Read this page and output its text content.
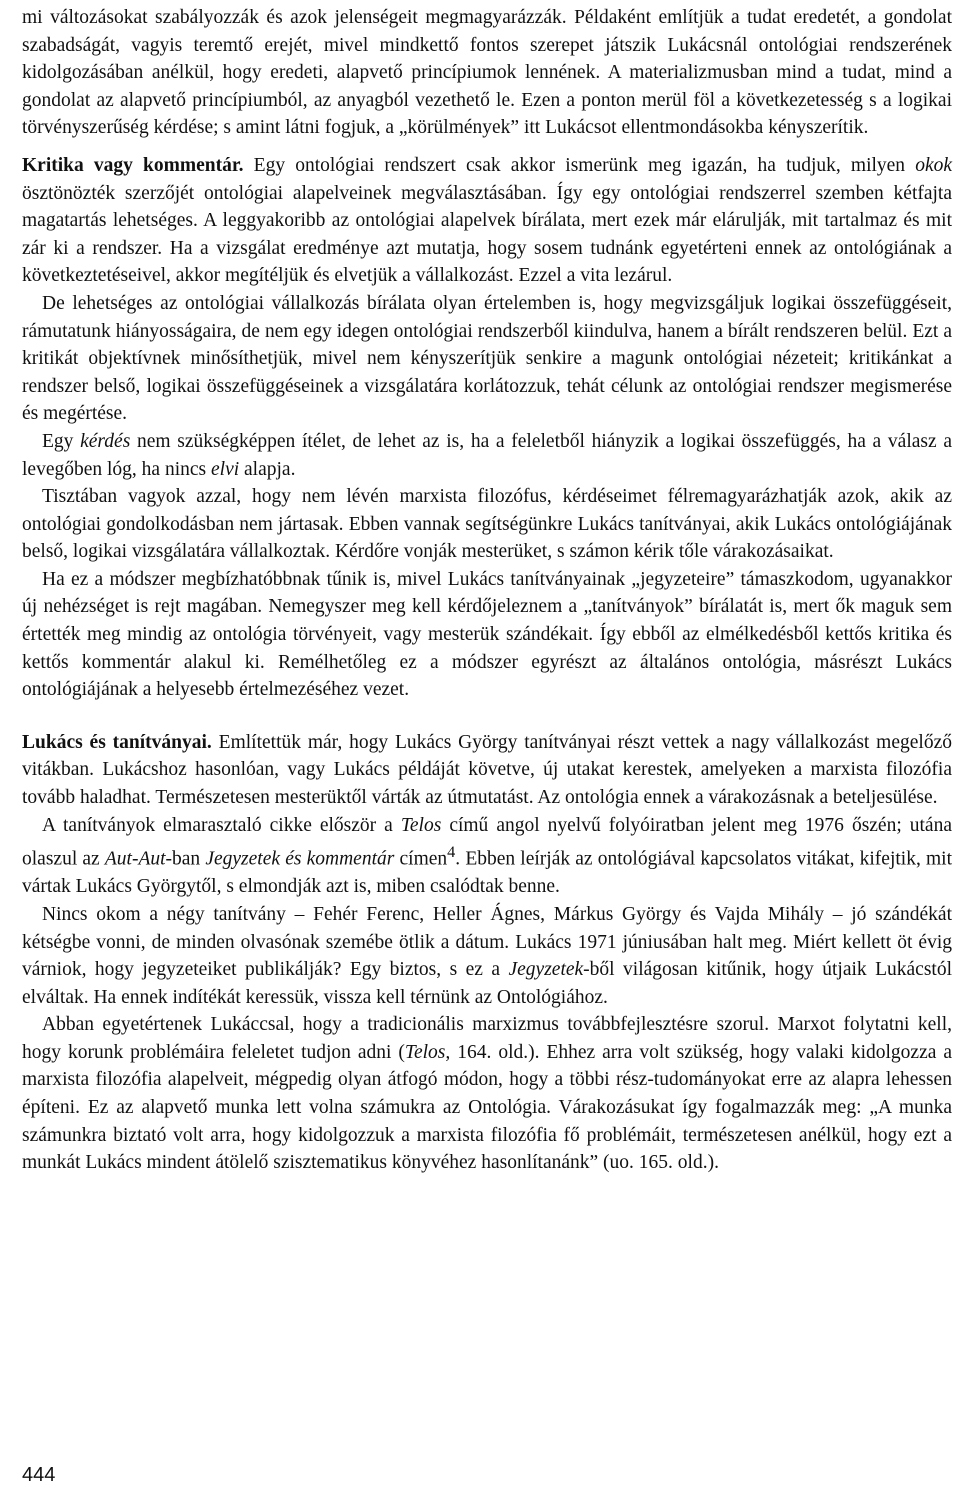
mi változásokat szabályozzák és azok jelenségeit megmagyarázzák. Példaként említjük a tudat eredetét, a gondolat szabadságát, vagyis teremtő erejét, mivel mindkettő fontos szerepet játszik Lukácsnál ontológiai rendszerének kidolgozásában anélkül, hogy eredeti, alapvető princípiumok lennének. A materializmusban mind a tudat, mind a gondolat az alapvető princípiumból, az anyagból vezethető le. Ezen a ponton merül föl a következetesség s a logikai törvényszerűség kérdése; s amint látni fogjuk, a „körülmények” itt Lukácsot ellentmondásokba kényszerítik.

Kritika vagy kommentár. Egy ontológiai rendszert csak akkor ismerünk meg igazán, ha tudjuk, milyen okok ösztönözték szerzőjét ontológiai alapelveinek megválasztásában. Így egy ontológiai rendszerrel szemben kétfajta magatartás lehetséges. A leggyakoribb az ontológiai alapelvek bírálata, mert ezek már elárulják, mit tartalmaz és mit zár ki a rendszer. Ha a vizsgálat eredménye azt mutatja, hogy sosem tudnánk egyetérteni ennek az ontológiának a következtetéseivel, akkor megítéljük és elvetjük a vállalkozást. Ezzel a vita lezárul.

De lehetséges az ontológiai vállalkozás bírálata olyan értelemben is, hogy megvizsgáljuk logikai összefüggéseit, rámutatunk hiányosságaira, de nem egy idegen ontológiai rendszerből kiindulva, hanem a bírált rendszeren belül. Ezt a kritikát objektívnek minősíthetjük, mivel nem kényszerítjük senkire a magunk ontológiai nézeteit; kritikánkat a rendszer belső, logikai összefüggéseinek a vizsgálatára korlátozzuk, tehát célunk az ontológiai rendszer megismerése és megértése.

Egy kérdés nem szükségképpen ítélet, de lehet az is, ha a feleletből hiányzik a logikai összefüggés, ha a válasz a levegőben lóg, ha nincs elvi alapja.

Tisztában vagyok azzal, hogy nem lévén marxista filozófus, kérdéseimet félremagyarázhatják azok, akik az ontológiai gondolkodásban nem jártasak. Ebben vannak segítségünkre Lukács tanítványai, akik Lukács ontológiájának belső, logikai vizsgálatára vállalkoztak. Kérdőre vonják mesterüket, s számon kérik tőle várakozásaikat.

Ha ez a módszer megbízhatóbbnak tűnik is, mivel Lukács tanítványainak „jegyzeteire” támaszkodom, ugyanakkor új nehézséget is rejt magában. Nemegyszer meg kell kérdőjeleznem a „tanítványok” bírálatát is, mert ők maguk sem értették meg mindig az ontológia törvényeit, vagy mesterük szándékait. Így ebből az elmélkedésből kettős kritika és kettős kommentár alakul ki. Remélhetőleg ez a módszer egyrészt az általános ontológia, másrészt Lukács ontológiájának a helyesebb értelmezéséhez vezet.

Lukács és tanítványai. Említettük már, hogy Lukács György tanítványai részt vettek a nagy vállalkozást megelőző vitákban. Lukácshoz hasonlóan, vagy Lukács példáját követve, új utakat kerestek, amelyeken a marxista filozófia tovább haladhat. Természetesen mesterüktől várták az útmutatást. Az ontológia ennek a várakozásnak a beteljesülése.

A tanítványok elmarasztaló cikke először a Telos című angol nyelvű folyóiratban jelent meg 1976 őszén; utána olaszul az Aut-Aut-ban Jegyzetek és kommentár címen$^4$. Ebben leírják az ontológiával kapcsolatos vitákat, kifejtik, mit vártak Lukács Györgytől, s elmondják azt is, miben csalódtak benne.

Nincs okom a négy tanítvány – Fehér Ferenc, Heller Ágnes, Márkus György és Vajda Mihály – jó szándékát kétségbe vonni, de minden olvasónak szemébe ötlik a dátum. Lukács 1971 júniusában halt meg. Miért kellett öt évig várniok, hogy jegyzeteiket publikálják? Egy biztos, s ez a Jegyzetek-ből világosan kitűnik, hogy útjaik Lukácstól elváltak. Ha ennek indítékát keressük, vissza kell térnünk az Ontológiához.

Abban egyetértenek Lukáccsal, hogy a tradicionális marxizmus továbbfejlesztésre szorul. Marxot folytatni kell, hogy korunk problémáira feleletet tudjon adni (Telos, 164. old.). Ehhez arra volt szükség, hogy valaki kidolgozza a marxista filozófia alapelveit, mégpedig olyan átfogó módon, hogy a többi rész-tudományokat erre az alapra lehessen építeni. Ez az alapvető munka lett volna számukra az Ontológia. Várakozásukat így fogalmazzák meg: „A munka számunkra biztató volt arra, hogy kidolgozzuk a marxista filozófia fő problémáit, természetesen anélkül, hogy ezt a munkát Lukács mindent átölelő szisztematikus könyvéhez hasonlítanánk” (uo. 165. old.).

444
